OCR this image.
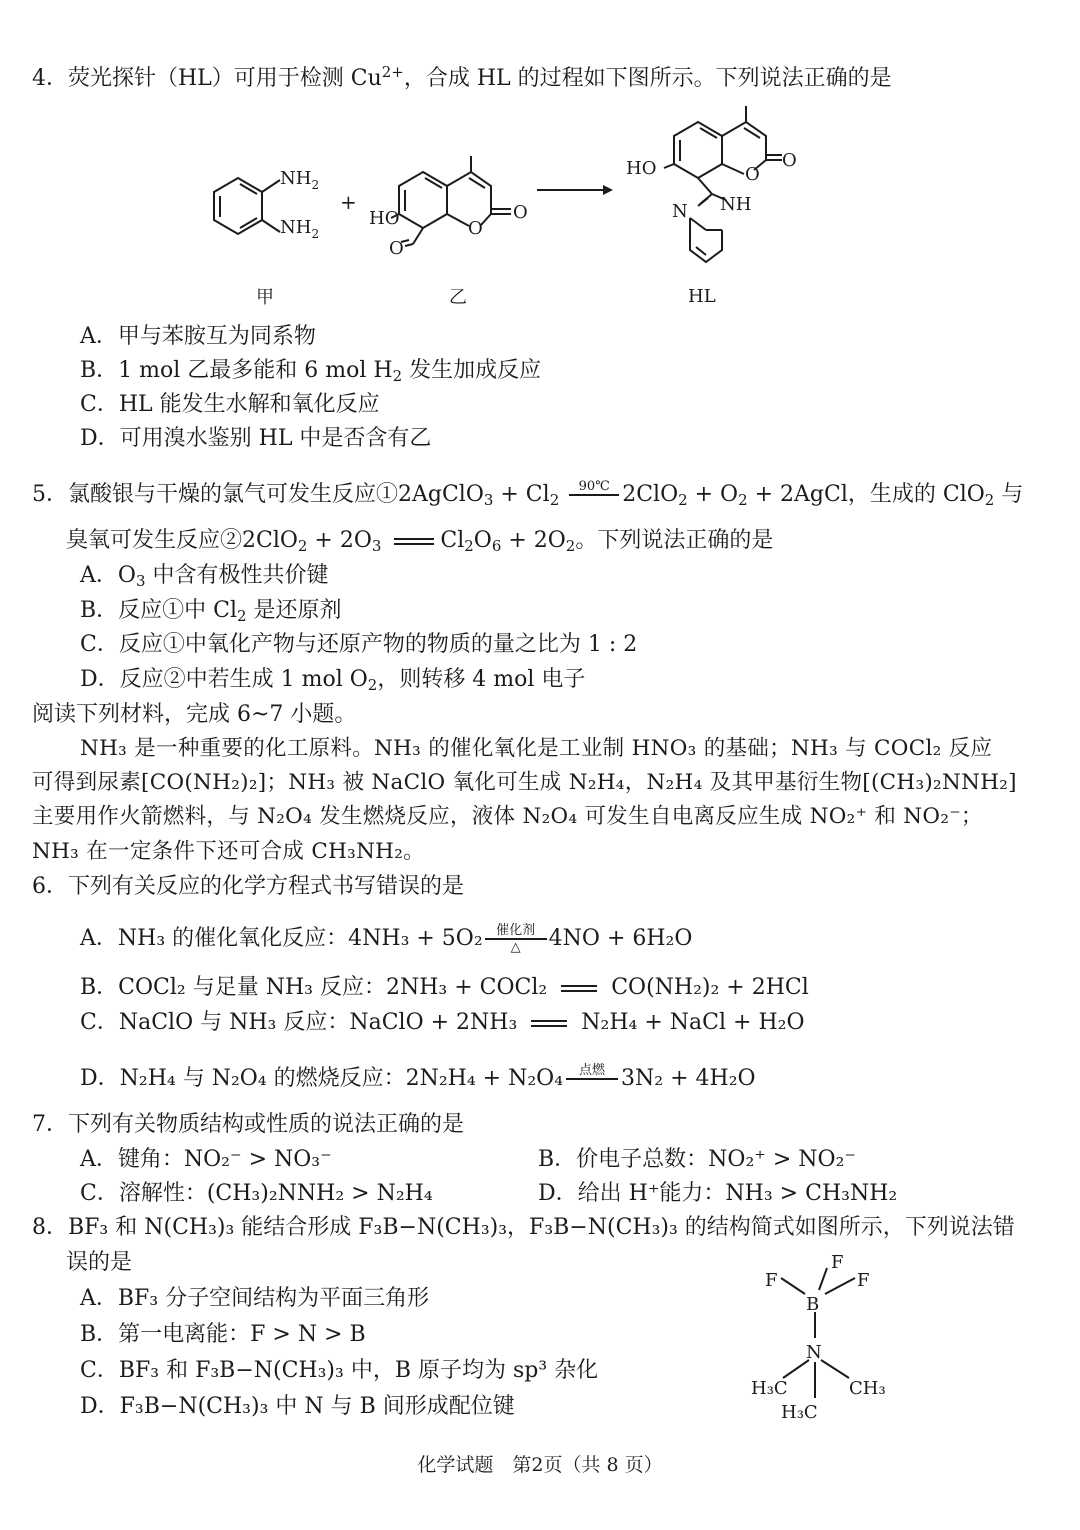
4．荧光探针（HL）可用于检测 $Cu^{2+}$，合成 HL 的过程如下图所示。下列说法正确的是
$NH_2$
$NH_2$
+
HO	O
O
O
HO	O
O
N NH
甲	乙	HL
A．甲与苯胺互为同系物
B．1 mol 乙最多能和 6 mol $H_2$ 发生加成反应
C．HL 能发生水解和氧化反应
D．可用溴水鉴别 HL 中是否含有乙
5．氯酸银与干燥的氯气可发生反应①2AgClO$_3$ + $Cl_2$
90℃ $2ClO_2 + O_2$ + 2AgCl，生成的 ClO$_2$ 与
臭氧可发生反应②2ClO$_2$ + $2O_3$	$Cl_2O_6 + 2O_2$。下列说法正确的是
A．$O_3$ 中含有极性共价键
B．反应①中 $Cl_2$ 是还原剂
C．反应①中氧化产物与还原产物的物质的量之比为 1 : 2
D．反应②中若生成 1 mol $O_2$，则转移 4 mol 电子
阅读下列材料，完成 6~7 小题。
NH₃ 是一种重要的化工原料。NH₃ 的催化氧化是工业制 HNO₃ 的基础；NH₃ 与 COCl₂ 反应
可得到尿素[CO(NH₂)₂]；NH₃ 被 NaClO 氧化可生成 N₂H₄，N₂H₄ 及其甲基衍生物[(CH₃)₂NNH₂]
主要用作火箭燃料，与 N₂O₄ 发生燃烧反应，液体 N₂O₄ 可发生自电离反应生成 NO₂⁺ 和 NO₂⁻；
NH₃ 在一定条件下还可合成 CH₃NH₂。
6．下列有关反应的化学方程式书写错误的是
A．NH₃ 的催化氧化反应：4NH₃ + 5O₂	催化剂
△	4NO + 6H₂O
B．COCl₂ 与足量 NH₃ 反应：2NH₃ + COCl₂	CO(NH₂)₂ + 2HCl
C．NaClO 与 NH₃ 反应：NaClO + 2NH₃	N₂H₄ + NaCl + H₂O
D．N₂H₄ 与 N₂O₄ 的燃烧反应：2N₂H₄ + N₂O₄	点燃 3N₂ + 4H₂O
7．下列有关物质结构或性质的说法正确的是
A．键角：NO₂⁻ > NO₃⁻	B．价电子总数：NO₂⁺ > NO₂⁻
C．溶解性：(CH₃)₂NNH₂ > N₂H₄	D．给出 H⁺能力：NH₃ > CH₃NH₂
8．BF₃ 和 N(CH₃)₃ 能结合形成 F₃B−N(CH₃)₃，F₃B−N(CH₃)₃ 的结构简式如图所示，下列说法错
误的是
A．BF₃ 分子空间结构为平面三角形
B．第一电离能：F > N > B
C．BF₃ 和 F₃B−N(CH₃)₃ 中，B 原子均为 sp³ 杂化
D．F₃B−N(CH₃)₃ 中 N 与 B 间形成配位键
F
F	F
B
N
H₃C	CH₃
H₃C
化学试题　第2页（共 8 页）
